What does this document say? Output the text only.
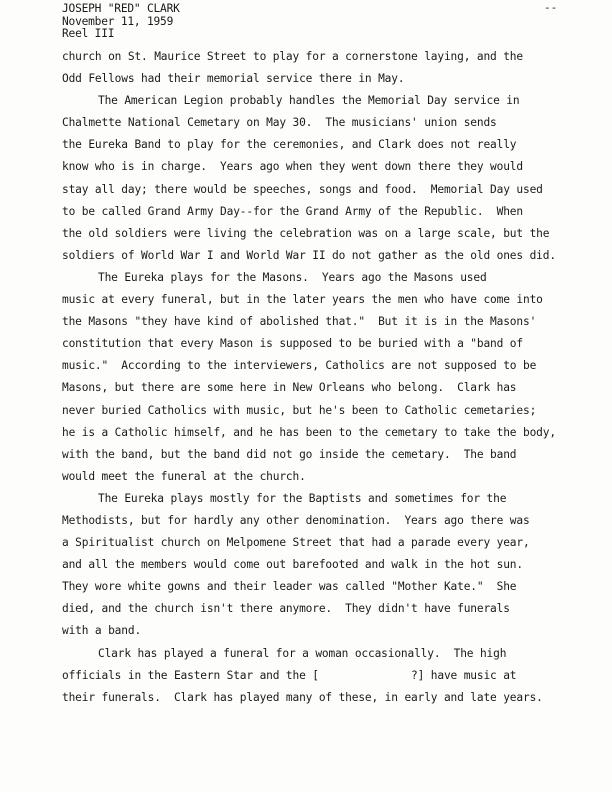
JOSEPH "RED" CLARK
November 11, 1959
Reel III
--
church on St. Maurice Street to play for a cornerstone laying, and the
Odd Fellows had their memorial service there in May.
The American Legion probably handles the Memorial Day service in
Chalmette National Cemetary on May 30.  The musicians' union sends
the Eureka Band to play for the ceremonies, and Clark does not really
know who is in charge.  Years ago when they went down there they would
stay all day; there would be speeches, songs and food.  Memorial Day used
to be called Grand Army Day--for the Grand Army of the Republic.  When
the old soldiers were living the celebration was on a large scale, but the
soldiers of World War I and World War II do not gather as the old ones did.
The Eureka plays for the Masons.  Years ago the Masons used
music at every funeral, but in the later years the men who have come into
the Masons "they have kind of abolished that."  But it is in the Masons'
constitution that every Mason is supposed to be buried with a "band of
music."  According to the interviewers, Catholics are not supposed to be
Masons, but there are some here in New Orleans who belong.  Clark has
never buried Catholics with music, but he's been to Catholic cemetaries;
he is a Catholic himself, and he has been to the cemetary to take the body,
with the band, but the band did not go inside the cemetary.  The band
would meet the funeral at the church.
The Eureka plays mostly for the Baptists and sometimes for the
Methodists, but for hardly any other denomination.  Years ago there was
a Spiritualist church on Melpomene Street that had a parade every year,
and all the members would come out barefooted and walk in the hot sun.
They wore white gowns and their leader was called "Mother Kate."  She
died, and the church isn't there anymore.  They didn't have funerals
with a band.
Clark has played a funeral for a woman occasionally.  The high
officials in the Eastern Star and the [              ?] have music at
their funerals.  Clark has played many of these, in early and late years.
